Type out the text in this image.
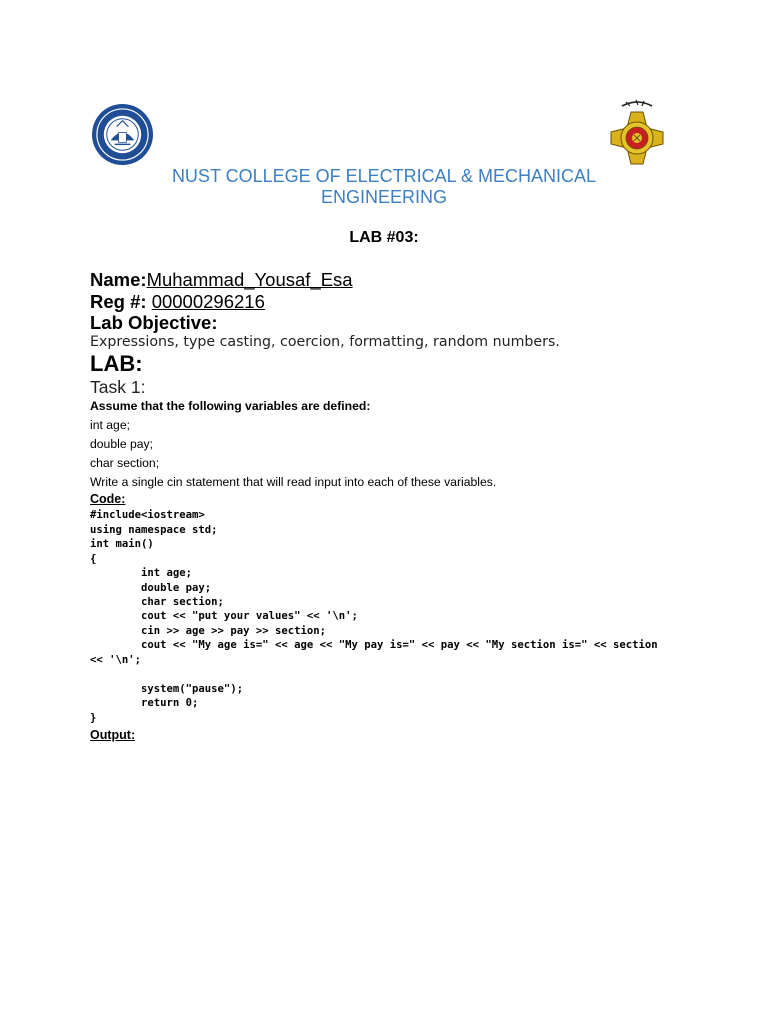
NUST COLLEGE OF ELECTRICAL & MECHANICAL
ENGINEERING
LAB #03:
Name:Muhammad_Yousaf_Esa
Reg #: 00000296216
Lab Objective:
Expressions, type casting, coercion, formatting, random numbers.
LAB:
Task 1:
Assume that the following variables are defined:
int age;
double pay;
char section;
Write a single cin statement that will read input into each of these variables.
Code:
#include<iostream>
using namespace std;
int main()
{
int age;
double pay;
char section;
cout << "put your values" << '\n';
cin >> age >> pay >> section;
cout << "My age is=" << age << "My pay is=" << pay << "My section is=" << section
<< '\n';
system("pause");
return 0;
}
Output:
